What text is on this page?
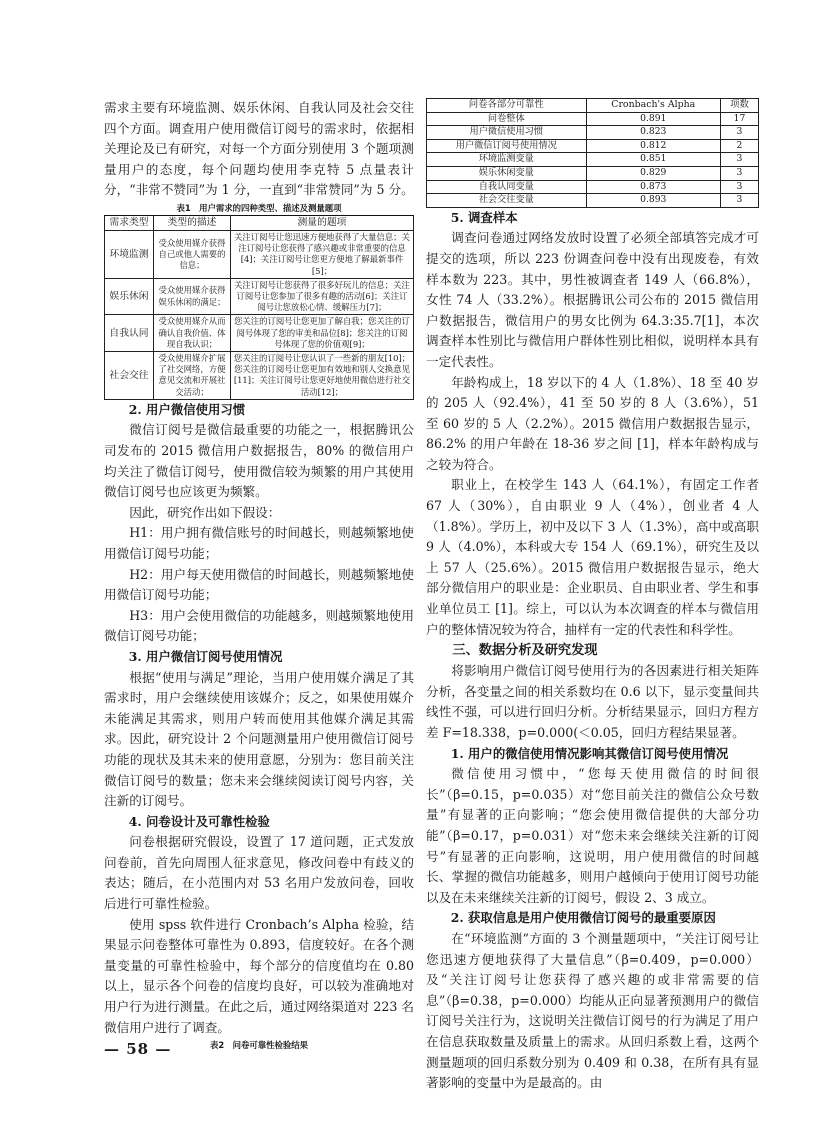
需求主要有环境监测、娱乐休闲、自我认同及社会交往四个方面。调查用户使用微信订阅号的需求时，依据相关理论及已有研究，对每一个方面分别使用 3 个题项测量用户的态度，每个问题均使用李克特 5 点量表计分，“非常不赞同”为 1 分，一直到“非常赞同”为 5 分。

表1　用户需求的四种类型、描述及测量题项
需求类型	类型的描述	测量的题项
环境监测	受众使用媒介获得自己或他人需要的信息；	关注订阅号让您迅速方便地获得了大量信息；关注订阅号让您获得了感兴趣或非常重要的信息[4]；关注订阅号让您更方便地了解最新事件[5]；
娱乐休闲	受众使用媒介获得娱乐休闲的满足；	关注订阅号让您获得了很多好玩儿的信息；关注订阅号让您参加了很多有趣的活动[6]；关注订阅号让您放松心情、缓解压力[7]；
自我认同	受众使用媒介从而确认自我价值、体现自我认识；	您关注的订阅号让您更加了解自我；您关注的订阅号体现了您的审美和品位[8]；您关注的订阅号体现了您的价值观[9]；
社会交往	受众使用媒介扩展了社交网络，方便意见交流和开展社交活动；	您关注的订阅号让您认识了一些新的朋友[10]；您关注的订阅号让您更加有效地和别人交换意见[11]；关注订阅号让您更好地使用微信进行社交活动[12]；
2. 用户微信使用习惯

微信订阅号是微信最重要的功能之一，根据腾讯公司发布的 2015 微信用户数据报告，80% 的微信用户均关注了微信订阅号，使用微信较为频繁的用户其使用微信订阅号也应该更为频繁。

因此，研究作出如下假设：

H1：用户拥有微信账号的时间越长，则越频繁地使用微信订阅号功能；

H2：用户每天使用微信的时间越长，则越频繁地使用微信订阅号功能；

H3：用户会使用微信的功能越多，则越频繁地使用微信订阅号功能；

3. 用户微信订阅号使用情况

根据“使用与满足”理论，当用户使用媒介满足了其需求时，用户会继续使用该媒介；反之，如果使用媒介未能满足其需求，则用户转而使用其他媒介满足其需求。因此，研究设计 2 个问题测量用户使用微信订阅号功能的现状及其未来的使用意愿，分别为：您目前关注微信订阅号的数量；您未来会继续阅读订阅号内容，关注新的订阅号。

4. 问卷设计及可靠性检验

问卷根据研究假设，设置了 17 道问题，正式发放问卷前，首先向周围人征求意见，修改问卷中有歧义的表达；随后，在小范围内对 53 名用户发放问卷，回收后进行可靠性检验。

使用 spss 软件进行 Cronbach’s Alpha 检验，结果显示问卷整体可靠性为 0.893，信度较好。在各个测量变量的可靠性检验中，每个部分的信度值均在 0.80 以上，显示各个问卷的信度均良好，可以较为准确地对用户行为进行测量。在此之后，通过网络渠道对 223 名微信用户进行了调查。

表2　问卷可靠性检验结果
问卷各部分可靠性	Cronbach's Alpha	项数
问卷整体	0.891	17
用户微信使用习惯	0.823	3
用户微信订阅号使用情况	0.812	2
环境监测变量	0.851	3
娱乐休闲变量	0.829	3
自我认同变量	0.873	3
社会交往变量	0.893	3
5. 调查样本

调查问卷通过网络发放时设置了必须全部填答完成才可提交的选项，所以 223 份调查问卷中没有出现废卷，有效样本数为 223。其中，男性被调查者 149 人（66.8%），女性 74 人（33.2%）。根据腾讯公司公布的 2015 微信用户数据报告，微信用户的男女比例为 64.3:35.7[1]，本次调查样本性别比与微信用户群体性别比相似，说明样本具有一定代表性。

年龄构成上，18 岁以下的 4 人（1.8%）、18 至 40 岁的 205 人（92.4%），41 至 50 岁的 8 人（3.6%），51 至 60 岁的 5 人（2.2%）。2015 微信用户数据报告显示，86.2% 的用户年龄在 18-36 岁之间 [1]，样本年龄构成与之较为符合。

职业上，在校学生 143 人（64.1%），有固定工作者 67 人（30%），自由职业 9 人（4%），创业者 4 人（1.8%）。学历上，初中及以下 3 人（1.3%），高中或高职 9 人（4.0%），本科或大专 154 人（69.1%），研究生及以上 57 人（25.6%）。2015 微信用户数据报告显示，绝大部分微信用户的职业是：企业职员、自由职业者、学生和事业单位员工 [1]。综上，可以认为本次调查的样本与微信用户的整体情况较为符合，抽样有一定的代表性和科学性。

三、数据分析及研究发现

将影响用户微信订阅号使用行为的各因素进行相关矩阵分析，各变量之间的相关系数均在 0.6 以下，显示变量间共线性不强，可以进行回归分析。分析结果显示，回归方程方差 F=18.338，p=0.000(＜0.05，回归方程结果显著。

1. 用户的微信使用情况影响其微信订阅号使用情况

微信使用习惯中，“您每天使用微信的时间很长”（β=0.15，p=0.035）对“您目前关注的微信公众号数量”有显著的正向影响；“您会使用微信提供的大部分功能”（β=0.17，p=0.031）对“您未来会继续关注新的订阅号”有显著的正向影响，这说明，用户使用微信的时间越长、掌握的微信功能越多，则用户越倾向于使用订阅号功能以及在未来继续关注新的订阅号，假设 2、3 成立。

2. 获取信息是用户使用微信订阅号的最重要原因

在“环境监测”方面的 3 个测量题项中，“关注订阅号让您迅速方便地获得了大量信息”（β=0.409，p=0.000）及“关注订阅号让您获得了感兴趣的或非常需要的信息”（β=0.38，p=0.000）均能从正向显著预测用户的微信订阅号关注行为，这说明关注微信订阅号的行为满足了用户在信息获取数量及质量上的需求。从回归系数上看，这两个测量题项的回归系数分别为 0.409 和 0.38，在所有具有显著影响的变量中为是最高的。由

— 58 —
